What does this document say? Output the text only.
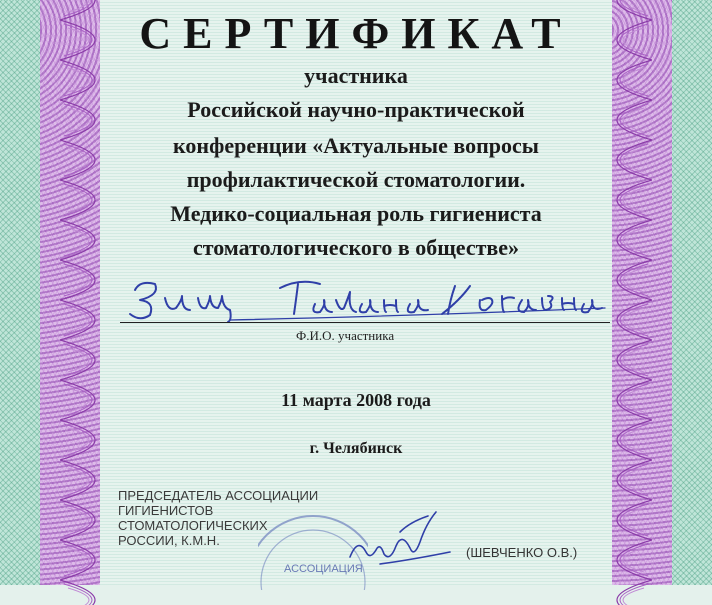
СЕРТИФИКАТ
участника
Российской научно-практической
конференции «Актуальные вопросы
профилактической стоматологии.
Медико-социальная роль гигиениста
стоматологического в обществе»
Ф.И.О. участника
11 марта 2008 года
г. Челябинск
АССОЦИАЦИЯ
ПРЕДСЕДАТЕЛЬ АССОЦИАЦИИ
ГИГИЕНИСТОВ
СТОМАТОЛОГИЧЕСКИХ
РОССИИ, К.М.Н.
(ШЕВЧЕНКО О.В.)
